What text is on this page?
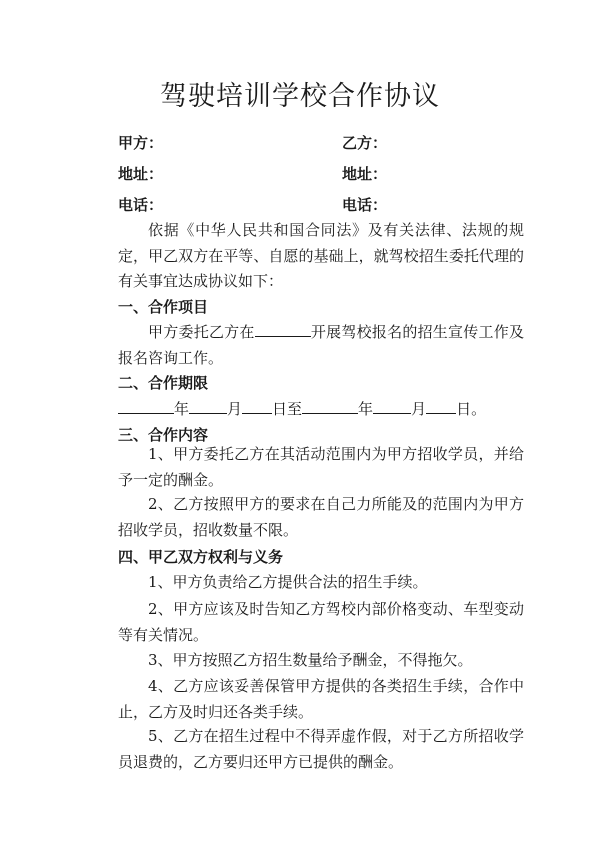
驾驶培训学校合作协议
甲方：	乙方：
地址：	地址：
电话：	电话：
依据《中华人民共和国合同法》及有关法律、法规的规定，甲乙双方在平等、自愿的基础上，就驾校招生委托代理的有关事宜达成协议如下：
一、合作项目
甲方委托乙方在	开展驾校报名的招生宣传工作及报名咨询工作。
二、合作期限
年	月 日至	年	月 日。
三、合作内容
1、甲方委托乙方在其活动范围内为甲方招收学员，并给予一定的酬金。
2、乙方按照甲方的要求在自己力所能及的范围内为甲方招收学员，招收数量不限。
四、甲乙双方权利与义务
1、甲方负责给乙方提供合法的招生手续。
2、甲方应该及时告知乙方驾校内部价格变动、车型变动等有关情况。
3、甲方按照乙方招生数量给予酬金，不得拖欠。
4、乙方应该妥善保管甲方提供的各类招生手续，合作中止，乙方及时归还各类手续。
5、乙方在招生过程中不得弄虚作假，对于乙方所招收学员退费的，乙方要归还甲方已提供的酬金。
